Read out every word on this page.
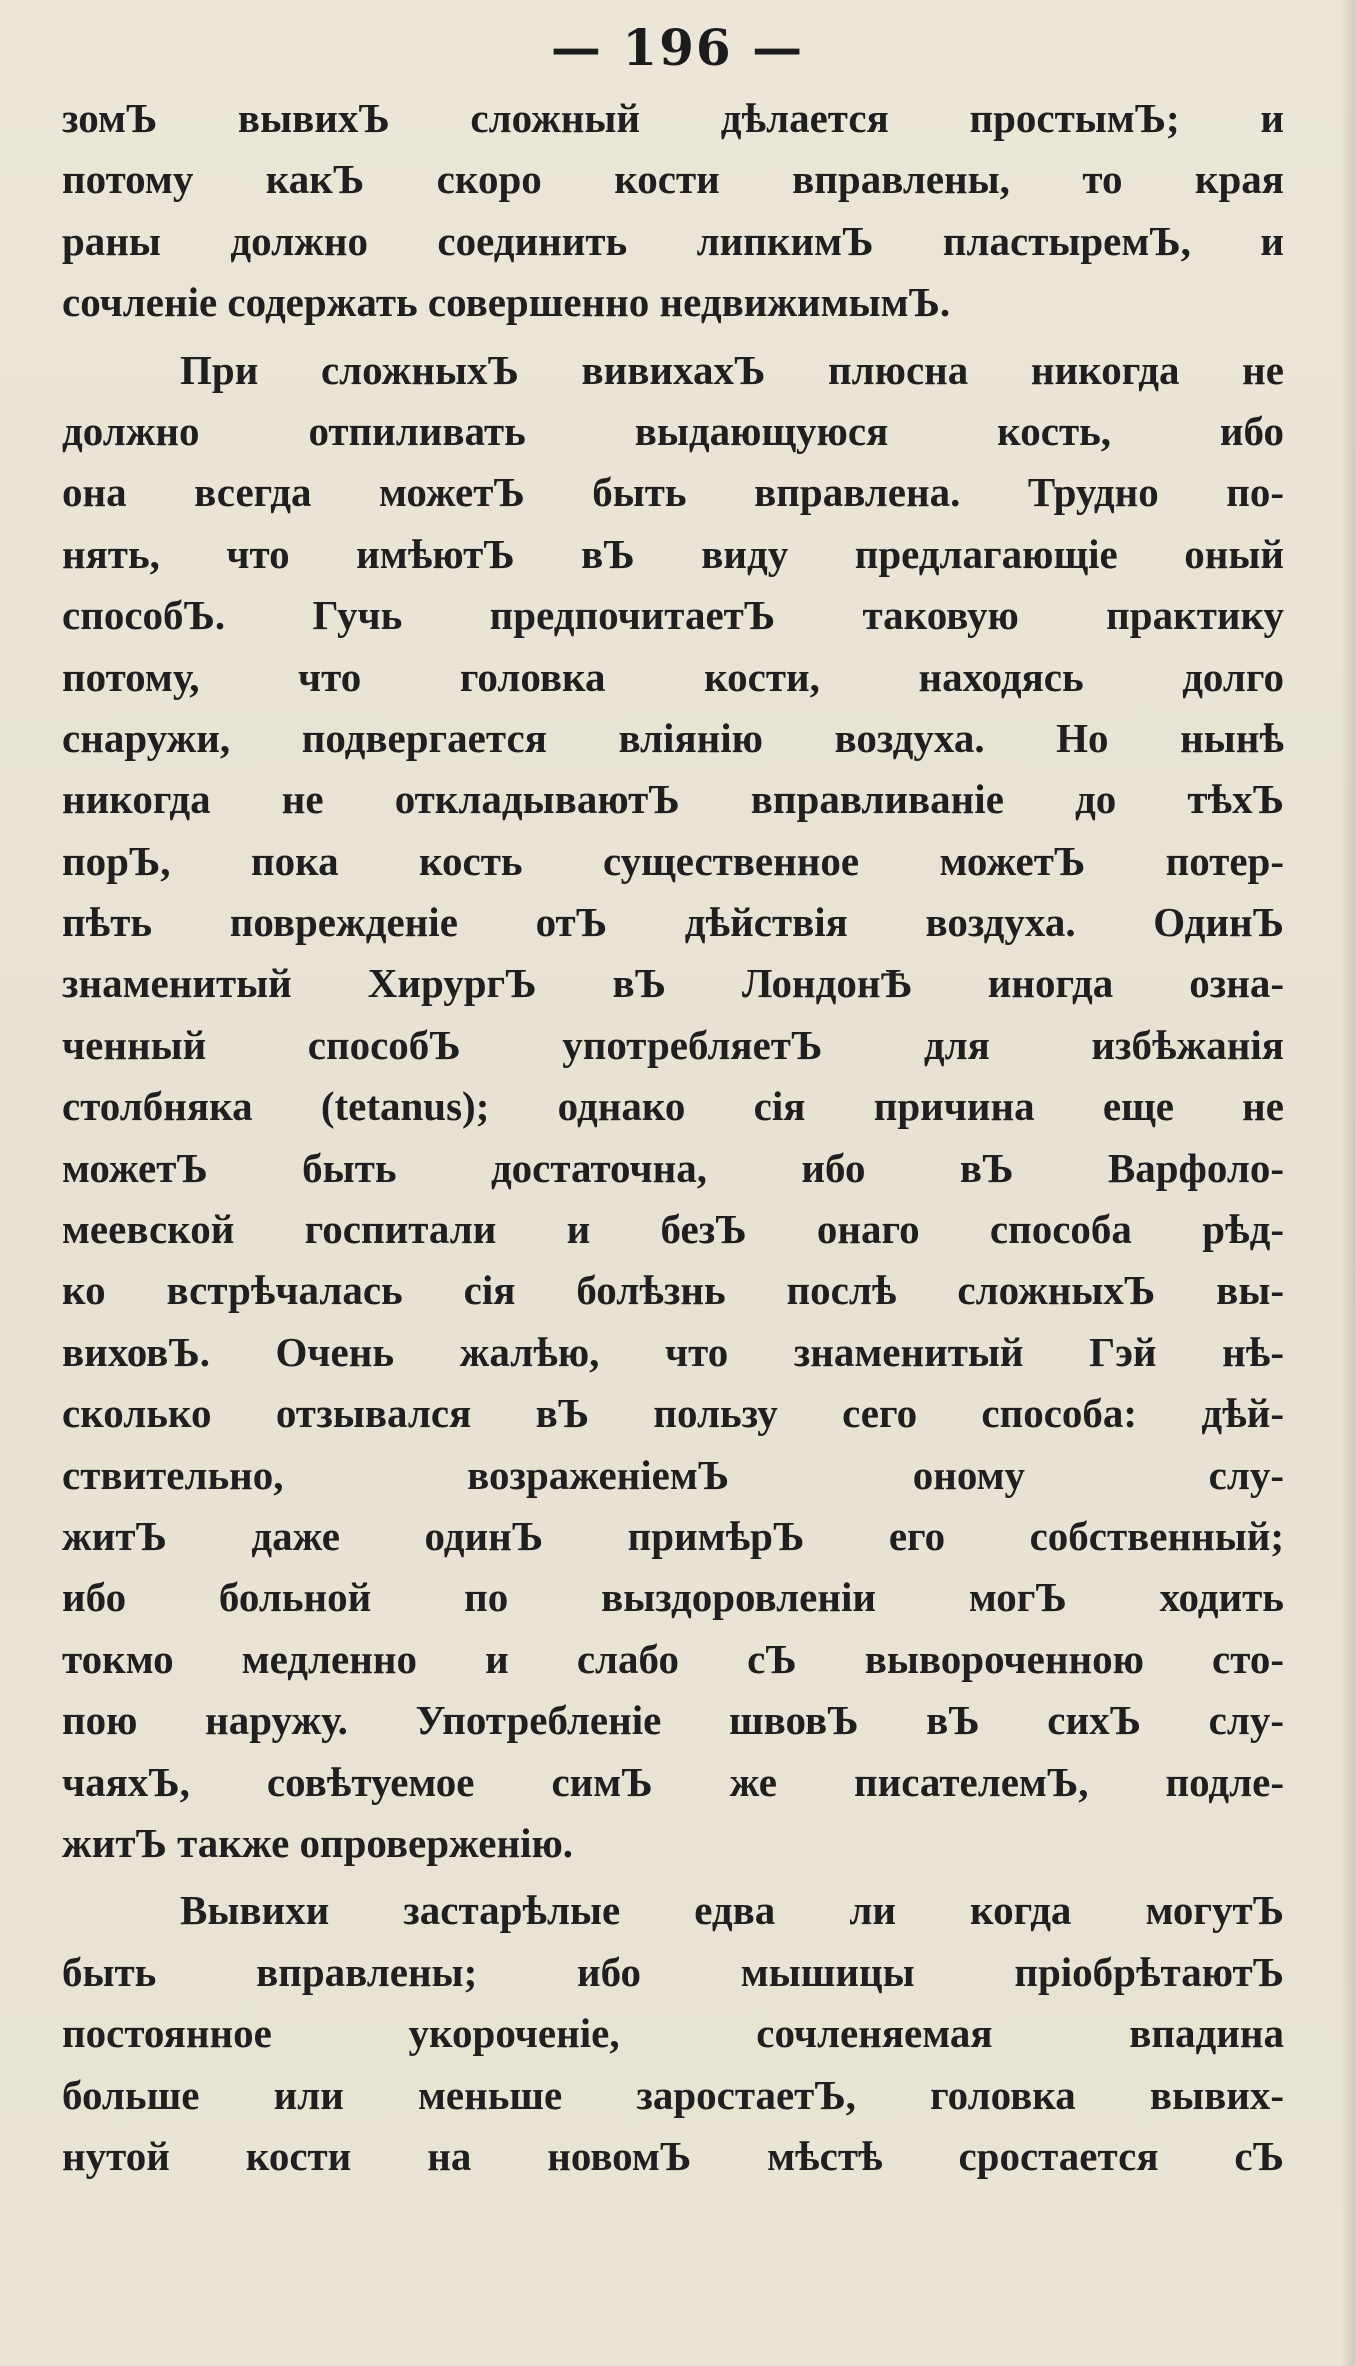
— 196 —
зомЪ вывихЪ сложный дѣлается простымЪ; и
потому какЪ скоро кости вправлены, то края
раны должно соединить липкимЪ пластыремЪ, и
сочленіе содержать совершенно недвижимымЪ.
При сложныхЪ вивихахЪ плюсна никогда не
должно отпиливать выдающуюся кость, ибо
она всегда можетЪ быть вправлена. Трудно по-
нять, что имѣютЪ вЪ виду предлагающіе оный
способЪ. Гучь предпочитаетЪ таковую практику
потому, что головка кости, находясь долго
снаружи, подвергается вліянію воздуха. Но нынѣ
никогда не откладываютЪ вправливаніе до тѣхЪ
порЪ, пока кость существенное можетЪ потер-
пѣть поврежденіе отЪ дѣйствія воздуха. ОдинЪ
знаменитый ХирургЪ вЪ ЛондонѢ иногда озна-
ченный способЪ употребляетЪ для избѣжанія
столбняка (tetanus); однако сія причина еще не
можетЪ быть достаточна, ибо вЪ Варфоло-
меевской госпитали и безЪ онаго способа рѣд-
ко встрѣчалась сія болѣзнь послѣ сложныхЪ вы-
виховЪ. Очень жалѣю, что знаменитый Гэй нѣ-
сколько отзывался вЪ пользу сего способа: дѣй-
ствительно, возраженіемЪ оному слу-
житЪ даже одинЪ примѣрЪ его собственный;
ибо больной по выздоровленіи могЪ ходить
токмо медленно и слабо сЪ вывороченною сто-
пою наружу. Употребленіе швовЪ вЪ сихЪ слу-
чаяхЪ, совѣтуемое симЪ же писателемЪ, подле-
житЪ также опроверженію.
Вывихи застарѣлые едва ли когда могутЪ
быть вправлены; ибо мышицы пріобрѣтаютЪ
постоянное укороченіе, сочленяемая впадина
больше или меньше заростаетЪ, головка вывих-
нутой кости на новомЪ мѣстѣ сростается сЪ
